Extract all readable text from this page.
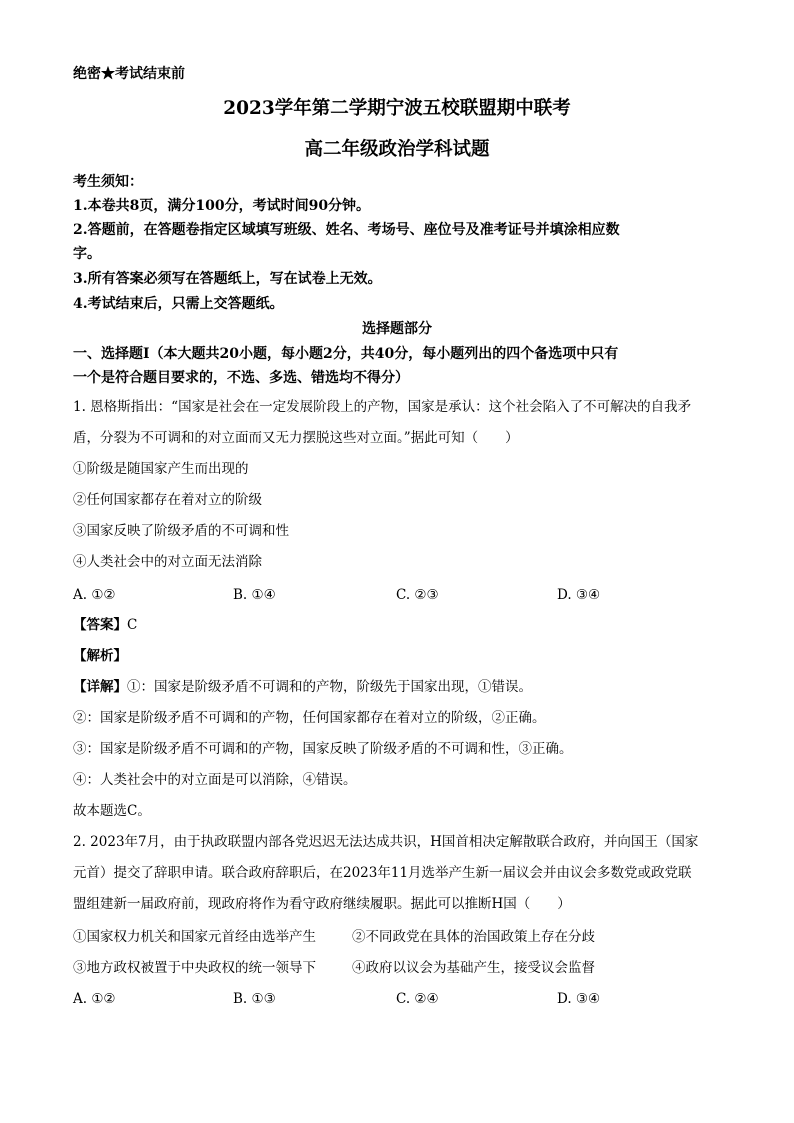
绝密★考试结束前
2023学年第二学期宁波五校联盟期中联考
高二年级政治学科试题
考生须知：
1.本卷共8页，满分100分，考试时间90分钟。
2.答题前，在答题卷指定区域填写班级、姓名、考场号、座位号及准考证号并填涂相应数
字。
3.所有答案必须写在答题纸上，写在试卷上无效。
4.考试结束后，只需上交答题纸。
选择题部分
一、选择题Ⅰ（本大题共20小题，每小题2分，共40分，每小题列出的四个备选项中只有
一个是符合题目要求的，不选、多选、错选均不得分）
1. 恩格斯指出：“国家是社会在一定发展阶段上的产物，国家是承认：这个社会陷入了不可解决的自我矛
盾，分裂为不可调和的对立面而又无力摆脱这些对立面。”据此可知（　　）
①阶级是随国家产生而出现的
②任何国家都存在着对立的阶级
③国家反映了阶级矛盾的不可调和性
④人类社会中的对立面无法消除
A. ①②	B. ①④	C. ②③	D. ③④
【答案】C
【解析】
【详解】①：国家是阶级矛盾不可调和的产物，阶级先于国家出现，①错误。
②：国家是阶级矛盾不可调和的产物，任何国家都存在着对立的阶级，②正确。
③：国家是阶级矛盾不可调和的产物，国家反映了阶级矛盾的不可调和性，③正确。
④：人类社会中的对立面是可以消除，④错误。
故本题选C。
2. 2023年7月，由于执政联盟内部各党迟迟无法达成共识，H国首相决定解散联合政府，并向国王（国家
元首）提交了辞职申请。联合政府辞职后，在2023年11月选举产生新一届议会并由议会多数党或政党联
盟组建新一届政府前，现政府将作为看守政府继续履职。据此可以推断H国（　　）
①国家权力机关和国家元首经由选举产生	②不同政党在具体的治国政策上存在分歧
③地方政权被置于中央政权的统一领导下	④政府以议会为基础产生，接受议会监督
A. ①②	B. ①③	C. ②④	D. ③④
